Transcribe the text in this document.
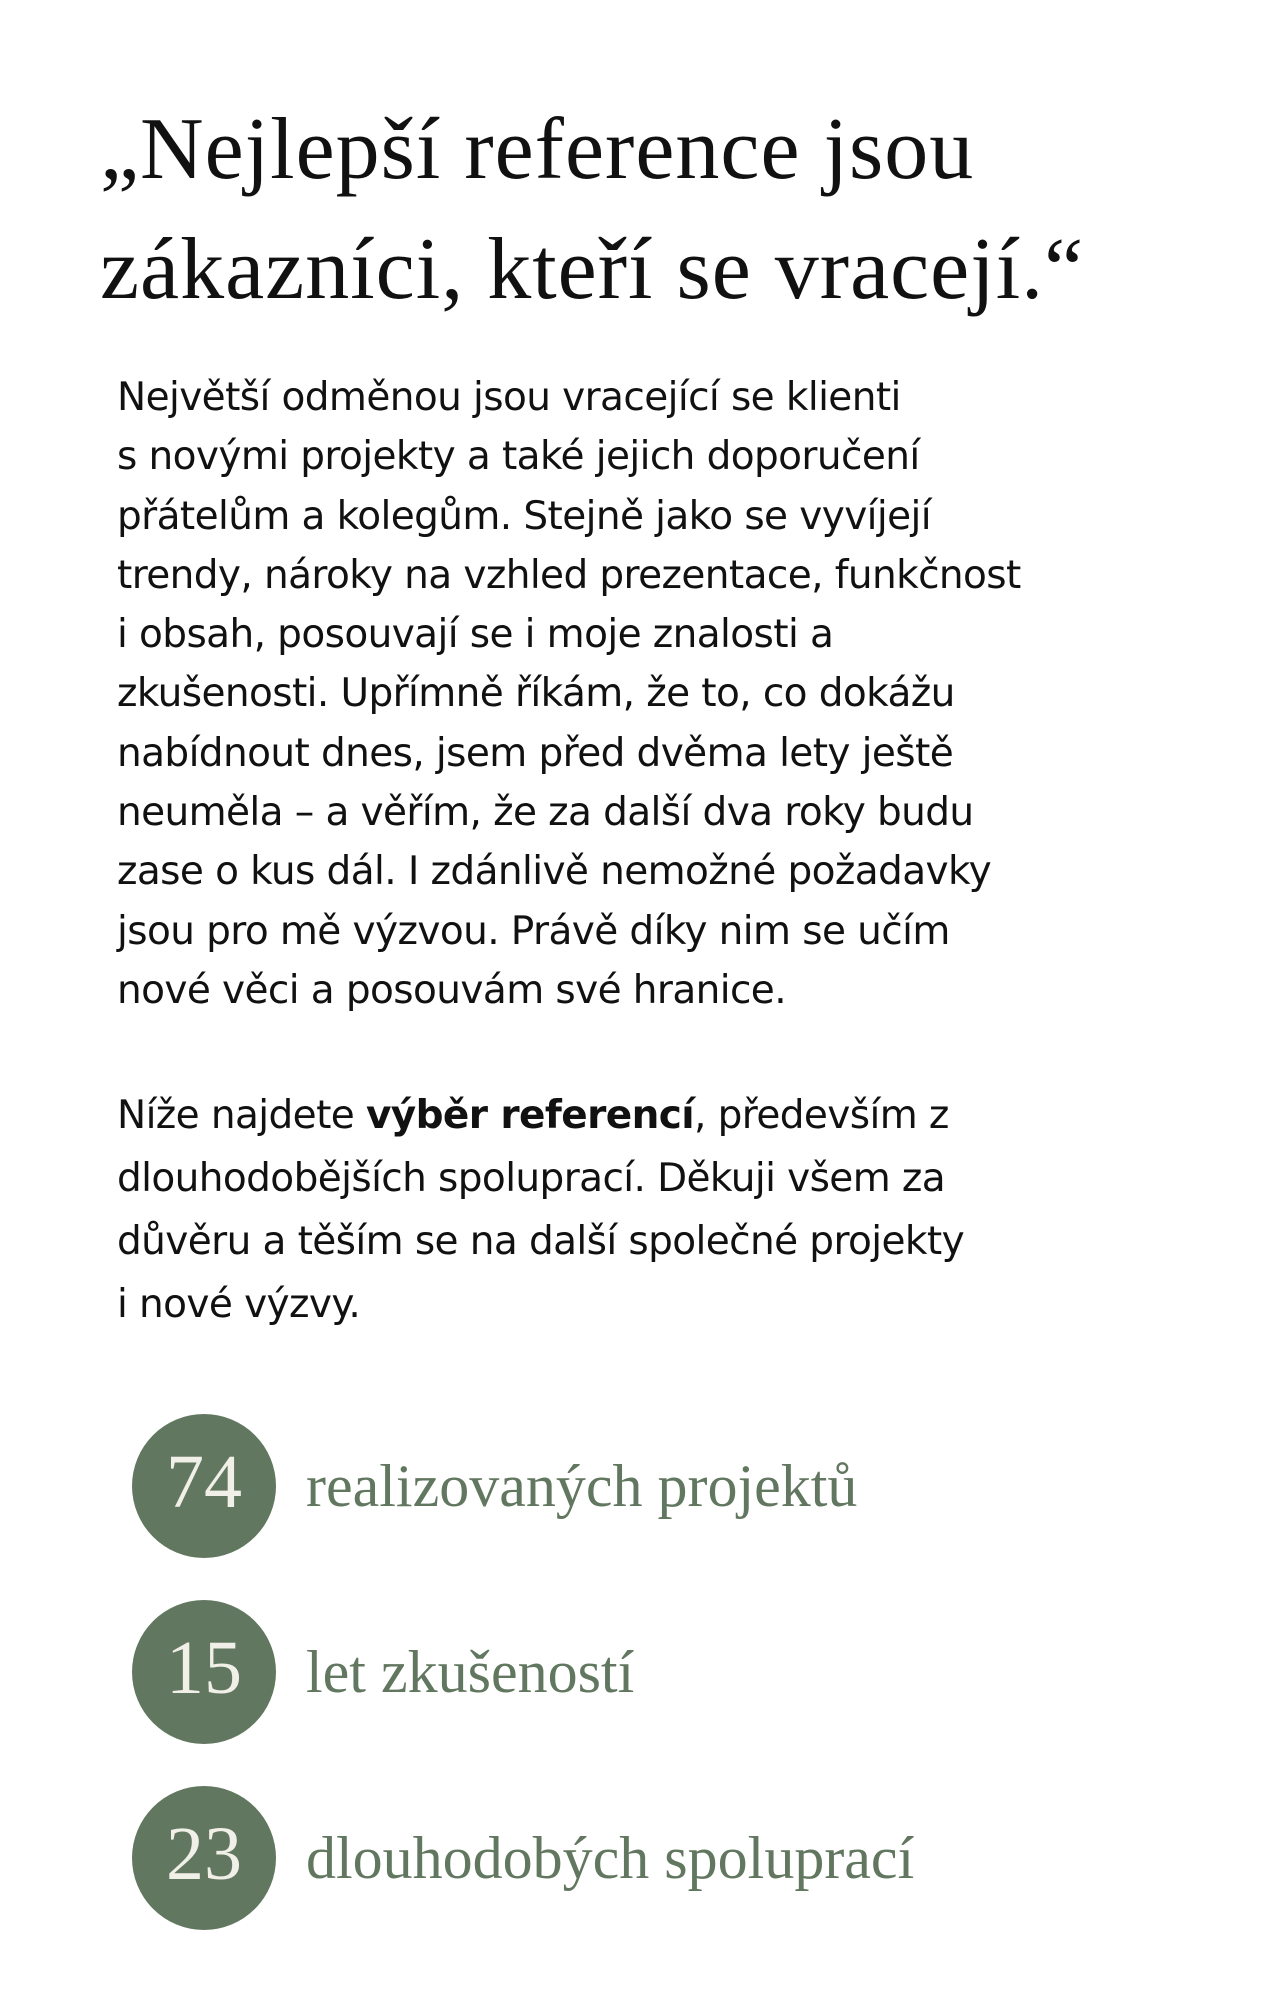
„Nejlepší reference jsou
zákazníci, kteří se vracejí.“
Největší odměnou jsou vracející se klienti
s novými projekty a také jejich doporučení
přátelům a kolegům. Stejně jako se vyvíjejí
trendy, nároky na vzhled prezentace, funkčnost
i obsah, posouvají se i moje znalosti a
zkušenosti. Upřímně říkám, že to, co dokážu
nabídnout dnes, jsem před dvěma lety ještě
neuměla – a věřím, že za další dva roky budu
zase o kus dál. I zdánlivě nemožné požadavky
jsou pro mě výzvou. Právě díky nim se učím
nové věci a posouvám své hranice.
Níže najdete výběr referencí, především z
dlouhodobějších spoluprací. Děkuji všem za
důvěru a těším se na další společné projekty
i nové výzvy.
74	realizovaných projektů
15	let zkušeností
23	dlouhodobých spoluprací
